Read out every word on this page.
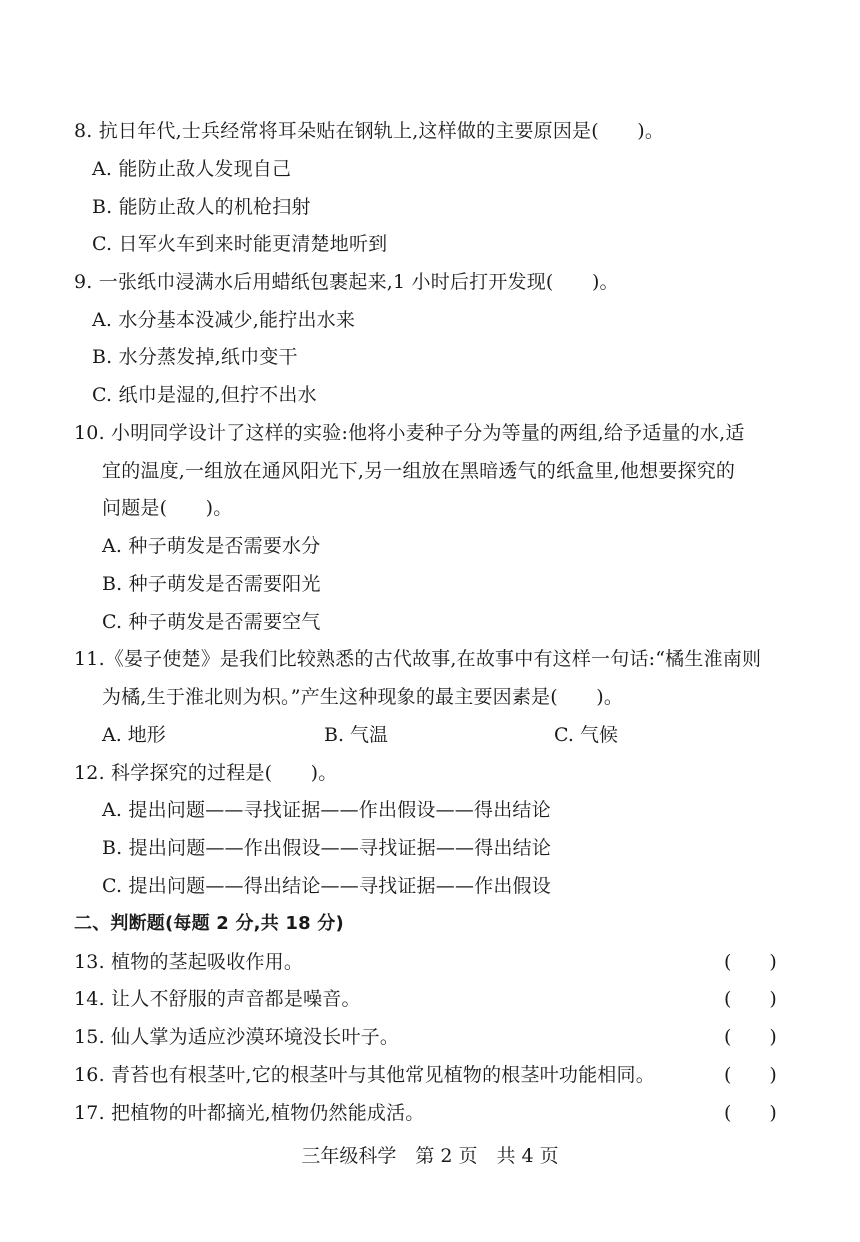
8. 抗日年代,士兵经常将耳朵贴在钢轨上,这样做的主要原因是(　　)。
A. 能防止敌人发现自己
B. 能防止敌人的机枪扫射
C. 日军火车到来时能更清楚地听到
9. 一张纸巾浸满水后用蜡纸包裹起来,1 小时后打开发现(　　)。
A. 水分基本没减少,能拧出水来
B. 水分蒸发掉,纸巾变干
C. 纸巾是湿的,但拧不出水
10. 小明同学设计了这样的实验:他将小麦种子分为等量的两组,给予适量的水,适
宜的温度,一组放在通风阳光下,另一组放在黑暗透气的纸盒里,他想要探究的
问题是(　　)。
A. 种子萌发是否需要水分
B. 种子萌发是否需要阳光
C. 种子萌发是否需要空气
11.《晏子使楚》是我们比较熟悉的古代故事,在故事中有这样一句话:“橘生淮南则
为橘,生于淮北则为枳。”产生这种现象的最主要因素是(　　)。
A. 地形	B. 气温	C. 气候
12. 科学探究的过程是(　　)。
A. 提出问题——寻找证据——作出假设——得出结论
B. 提出问题——作出假设——寻找证据——得出结论
C. 提出问题——得出结论——寻找证据——作出假设
二、判断题(每题 2 分,共 18 分)
13. 植物的茎起吸收作用。	(　　)
14. 让人不舒服的声音都是噪音。	(　　)
15. 仙人掌为适应沙漠环境没长叶子。	(　　)
16. 青苔也有根茎叶,它的根茎叶与其他常见植物的根茎叶功能相同。	(　　)
17. 把植物的叶都摘光,植物仍然能成活。	(　　)
三年级科学　第 2 页　共 4 页
